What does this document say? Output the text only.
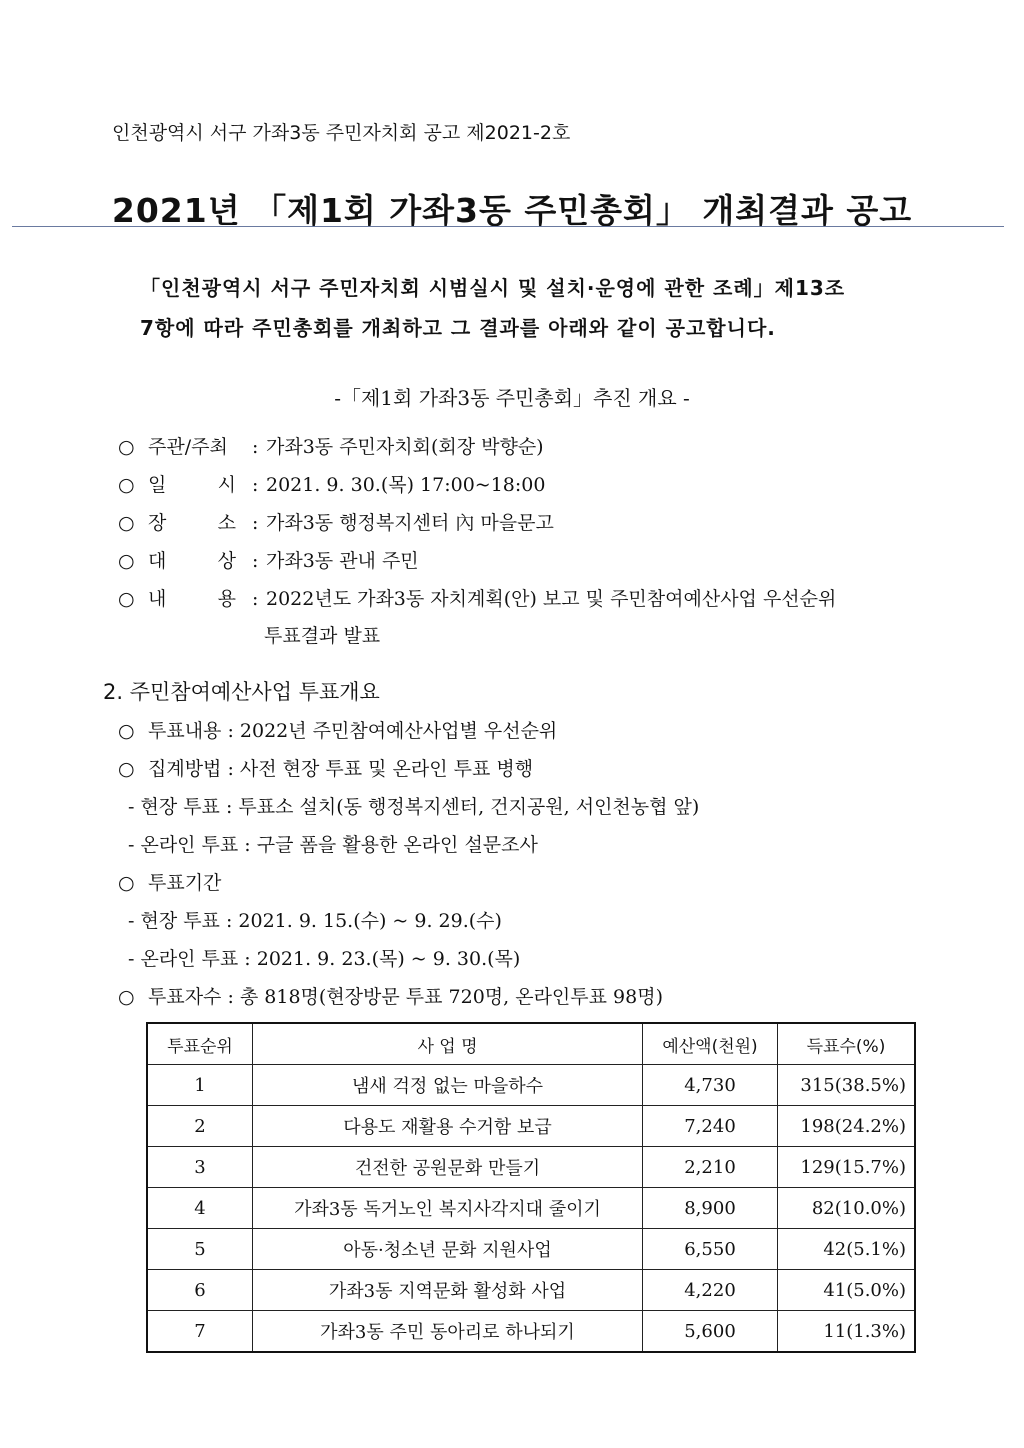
인천광역시 서구 가좌3동 주민자치회 공고 제2021-2호
2021년 「제1회 가좌3동 주민총회」 개최결과 공고
「인천광역시 서구 주민자치회 시범실시 및 설치·운영에 관한 조례」제13조
7항에 따라 주민총회를 개최하고 그 결과를 아래와 같이 공고합니다.
-「제1회 가좌3동 주민총회」추진 개요 -
○ 주관/주최	: 가좌3동 주민자치회(회장 박향순)
○ 일	시 : 2021. 9. 30.(목) 17:00~18:00
○ 장	소 : 가좌3동 행정복지센터 內 마을문고
○ 대	상 : 가좌3동 관내 주민
○ 내	용 : 2022년도 가좌3동 자치계획(안) 보고 및 주민참여예산사업 우선순위
투표결과 발표
2. 주민참여예산사업 투표개요
○ 투표내용 : 2022년 주민참여예산사업별 우선순위
○ 집계방법 : 사전 현장 투표 및 온라인 투표 병행
- 현장 투표 : 투표소 설치(동 행정복지센터, 건지공원, 서인천농협 앞)
- 온라인 투표 : 구글 폼을 활용한 온라인 설문조사
○ 투표기간
- 현장 투표 : 2021. 9. 15.(수) ~ 9. 29.(수)
- 온라인 투표 : 2021. 9. 23.(목) ~ 9. 30.(목)
○ 투표자수 : 총 818명(현장방문 투표 720명, 온라인투표 98명)
투표순위	사 업 명	예산액(천원)	득표수(%)
1	냄새 걱정 없는 마을하수	4,730	315(38.5%)
2	다용도 재활용 수거함 보급	7,240	198(24.2%)
3	건전한 공원문화 만들기	2,210	129(15.7%)
4	가좌3동 독거노인 복지사각지대 줄이기	8,900	82(10.0%)
5	아동·청소년 문화 지원사업	6,550	42(5.1%)
6	가좌3동 지역문화 활성화 사업	4,220	41(5.0%)
7	가좌3동 주민 동아리로 하나되기	5,600	11(1.3%)
